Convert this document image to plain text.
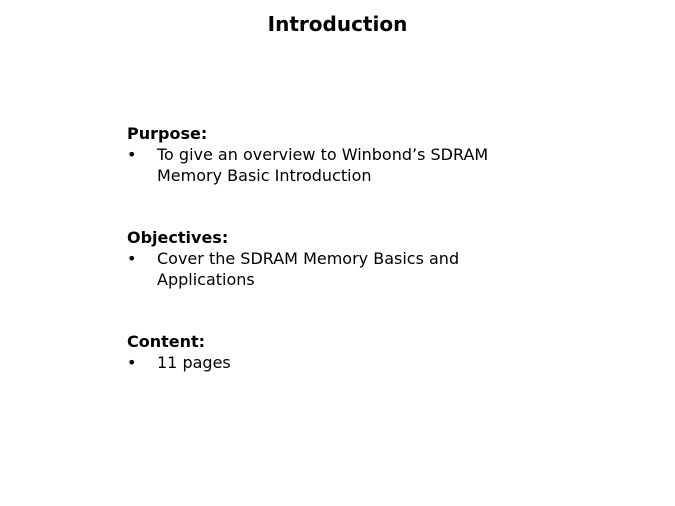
Introduction
Purpose:
•	To give an overview to Winbond’s SDRAM Memory Basic Introduction
Objectives:
•	Cover the SDRAM Memory Basics and Applications
Content:
•	11 pages
